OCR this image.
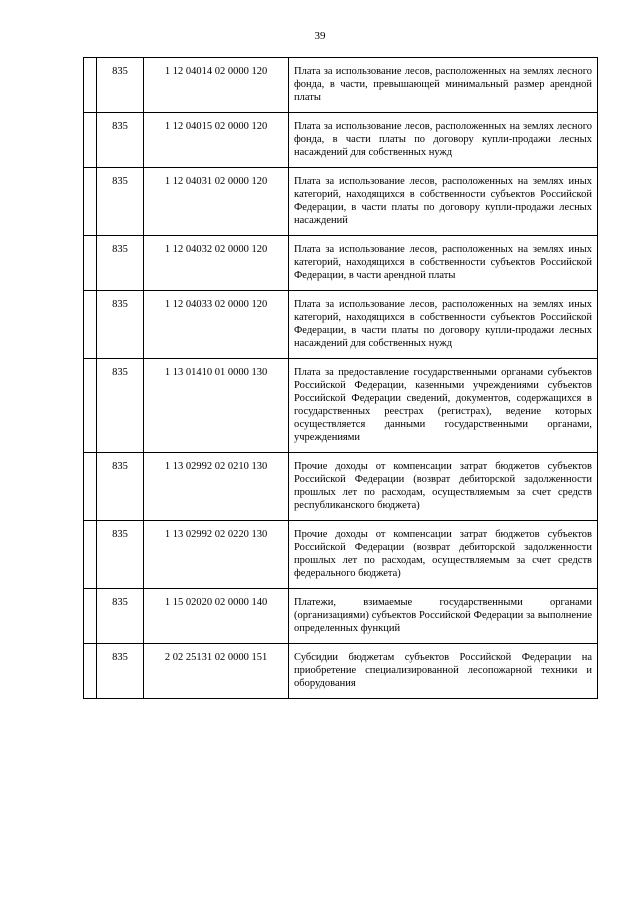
39
	835	1 12 04014 02 0000 120	Плата за использование лесов, расположенных на землях лесного фонда, в части, превышающей минимальный размер арендной платы
	835	1 12 04015 02 0000 120	Плата за использование лесов, расположенных на землях лесного фонда, в части платы по договору купли-продажи лесных насаждений для собственных нужд
	835	1 12 04031 02 0000 120	Плата за использование лесов, расположенных на землях иных категорий, находящихся в собственности субъектов Российской Федерации, в части платы по договору купли-продажи лесных насаждений
	835	1 12 04032 02 0000 120	Плата за использование лесов, расположенных на землях иных категорий, находящихся в собственности субъектов Российской Федерации, в части арендной платы
	835	1 12 04033 02 0000 120	Плата за использование лесов, расположенных на землях иных категорий, находящихся в собственности субъектов Российской Федерации, в части платы по договору купли-продажи лесных насаждений для собственных нужд
	835	1 13 01410 01 0000 130	Плата за предоставление государственными органами субъектов Российской Федерации, казенными учреждениями субъектов Российской Федерации сведений, документов, содержащихся в государственных реестрах (регистрах), ведение которых осуществляется данными государственными органами, учреждениями
	835	1 13 02992 02 0210 130	Прочие доходы от компенсации затрат бюджетов субъектов Российской Федерации (возврат дебиторской задолженности прошлых лет по расходам, осуществляемым за счет средств республиканского бюджета)
	835	1 13 02992 02 0220 130	Прочие доходы от компенсации затрат бюджетов субъектов Российской Федерации (возврат дебиторской задолженности прошлых лет по расходам, осуществляемым за счет средств федерального бюджета)
	835	1 15 02020 02 0000 140	Платежи, взимаемые государственными органами (организациями) субъектов Российской Федерации за выполнение определенных функций
	835	2 02 25131 02 0000 151	Субсидии бюджетам субъектов Российской Федерации на приобретение специализированной лесопожарной техники и оборудования
